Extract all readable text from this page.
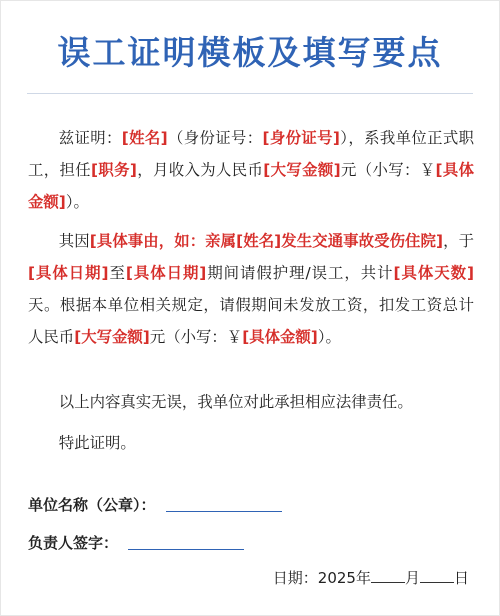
误工证明模板及填写要点
兹证明：[姓名]（身份证号：[身份证号]），系我单位正式职工，担任[职务]，月收入为人民币[大写金额]元（小写：￥[具体金额]）。
其因[具体事由，如：亲属[姓名]发生交通事故受伤住院]，于[具体日期]至[具体日期]期间请假护理/误工，共计[具体天数]天。根据本单位相关规定，请假期间未发放工资，扣发工资总计人民币[大写金额]元（小写：￥[具体金额]）。
以上内容真实无误，我单位对此承担相应法律责任。
特此证明。
单位名称（公章）：
负责人签字：
日期：2025年 月 日
